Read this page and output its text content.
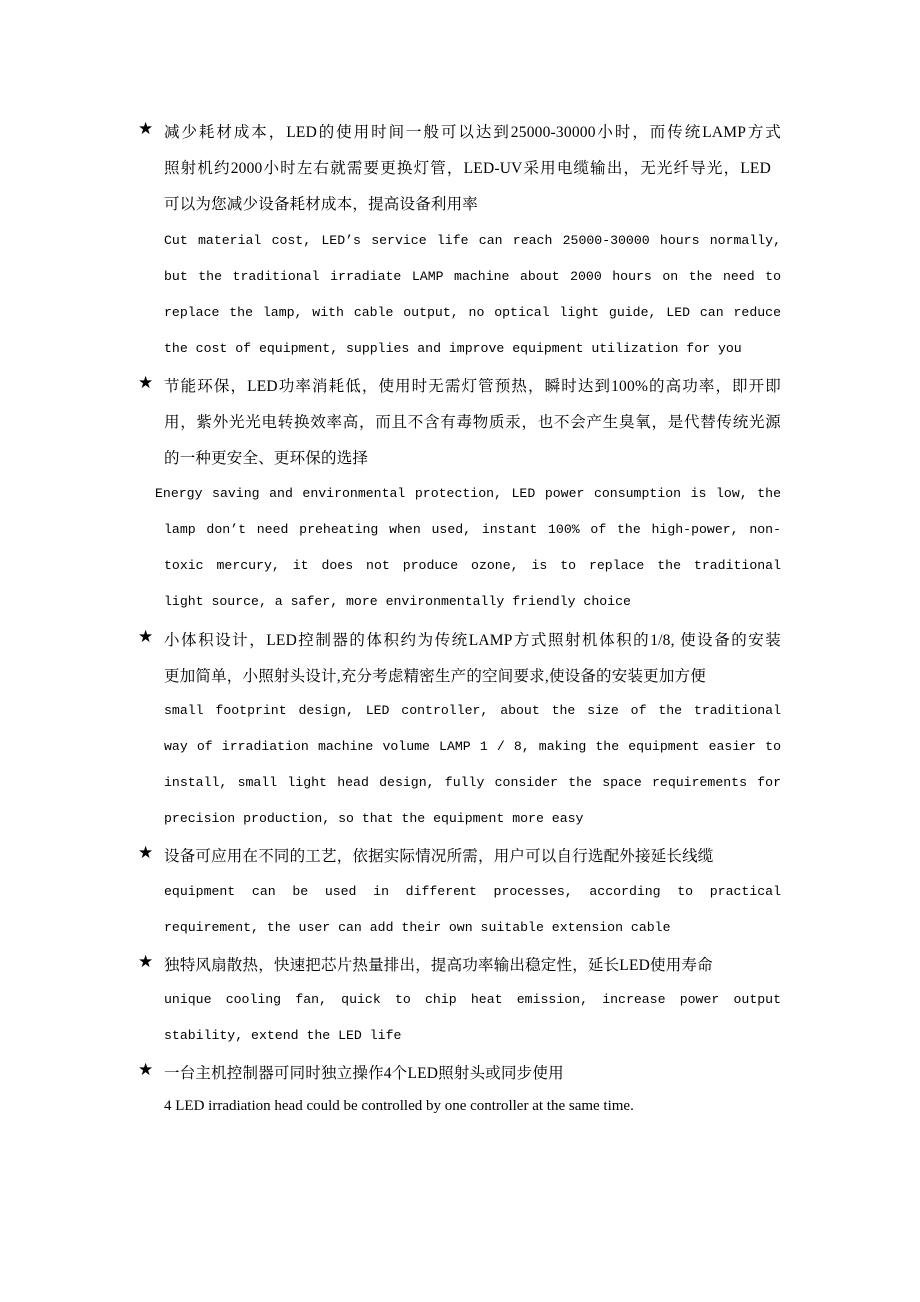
★ 减少耗材成本，LED的使用时间一般可以达到25000-30000小时，而传统LAMP方式
照射机约2000小时左右就需要更换灯管，LED-UV采用电缆输出，无光纤导光，LED
可以为您减少设备耗材成本，提高设备利用率
Cut material cost, LED’s service life can reach 25000-30000 hours normally,
but the traditional irradiate LAMP machine about 2000 hours on the need to
replace the lamp, with cable output, no optical light guide, LED can reduce
the cost of equipment, supplies and improve equipment utilization for you
★ 节能环保，LED功率消耗低，使用时无需灯管预热，瞬时达到100%的高功率，即开即
用，紫外光光电转换效率高，而且不含有毒物质汞，也不会产生臭氧，是代替传统光源
的一种更安全、更环保的选择
Energy saving and environmental protection, LED power consumption is low, the
lamp don’t need preheating when used, instant 100% of the high-power, non-
toxic mercury, it does not produce ozone, is to replace the traditional
light source, a safer, more environmentally friendly choice
★ 小体积设计，LED控制器的体积约为传统LAMP方式照射机体积的1/8, 使设备的安装
更加简单，小照射头设计,充分考虑精密生产的空间要求,使设备的安装更加方便
small footprint design, LED controller, about the size of the traditional
way of irradiation machine volume LAMP 1 / 8, making the equipment easier to
install, small light head design, fully consider the space requirements for
precision production, so that the equipment more easy
★ 设备可应用在不同的工艺，依据实际情况所需，用户可以自行选配外接延长线缆
equipment can be used in different processes, according to practical
requirement, the user can add their own suitable extension cable
★ 独特风扇散热，快速把芯片热量排出，提高功率输出稳定性，延长LED使用寿命
unique cooling fan, quick to chip heat emission, increase power output
stability, extend the LED life
★ 一台主机控制器可同时独立操作4个LED照射头或同步使用
4 LED irradiation head could be controlled by one controller at the same time.
